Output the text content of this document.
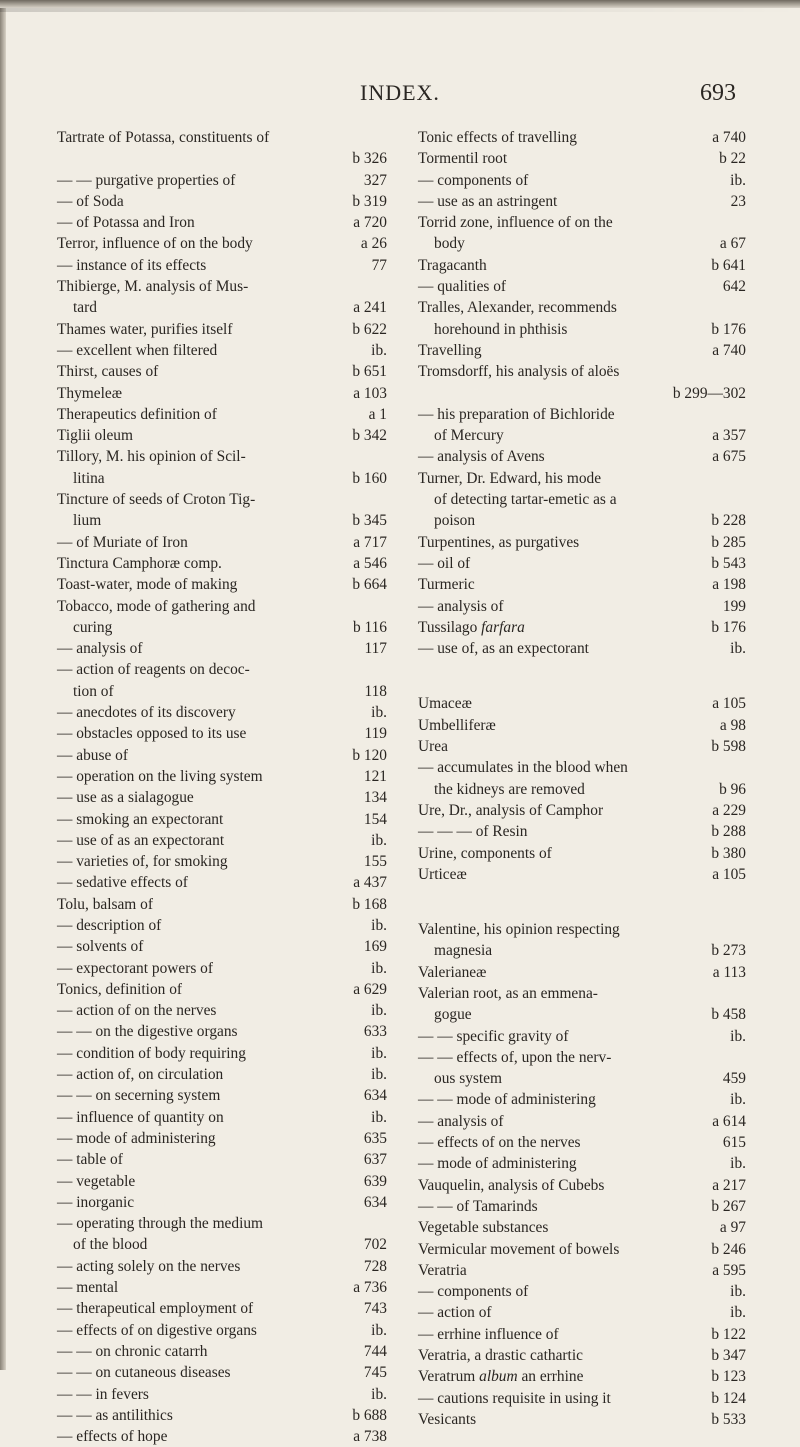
INDEX.	693
Tartrate of Potassa, constituents of
b 326
— — purgative properties of	327
— of Soda	b 319
— of Potassa and Iron	a 720
Terror, influence of on the body	a 26
— instance of its effects	77
Thibierge, M. analysis of Mus-
tard	a 241
Thames water, purifies itself	b 622
— excellent when filtered	ib.
Thirst, causes of	b 651
Thymeleæ	a 103
Therapeutics definition of	a 1
Tiglii oleum	b 342
Tillory, M. his opinion of Scil-
litina	b 160
Tincture of seeds of Croton Tig-
lium	b 345
— of Muriate of Iron	a 717
Tinctura Camphoræ comp.	a 546
Toast-water, mode of making	b 664
Tobacco, mode of gathering and
curing	b 116
— analysis of	117
— action of reagents on decoc-
tion of	118
— anecdotes of its discovery	ib.
— obstacles opposed to its use	119
— abuse of	b 120
— operation on the living system	121
— use as a sialagogue	134
— smoking an expectorant	154
— use of as an expectorant	ib.
— varieties of, for smoking	155
— sedative effects of	a 437
Tolu, balsam of	b 168
— description of	ib.
— solvents of	169
— expectorant powers of	ib.
Tonics, definition of	a 629
— action of on the nerves	ib.
— — on the digestive organs	633
— condition of body requiring	ib.
— action of, on circulation	ib.
— — on secerning system	634
— influence of quantity on	ib.
— mode of administering	635
— table of	637
— vegetable	639
— inorganic	634
— operating through the medium
of the blood	702
— acting solely on the nerves	728
— mental	a 736
— therapeutical employment of	743
— effects of on digestive organs	ib.
— — on chronic catarrh	744
— — on cutaneous diseases	745
— — in fevers	ib.
— — as antilithics	b 688
— effects of hope	a 738
Tonic effects of travelling	a 740
Tormentil root	b 22
— components of	ib.
— use as an astringent	23
Torrid zone, influence of on the
body	a 67
Tragacanth	b 641
— qualities of	642
Tralles, Alexander, recommends
horehound in phthisis	b 176
Travelling	a 740
Tromsdorff, his analysis of aloës
b 299—302
— his preparation of Bichloride
of Mercury	a 357
— analysis of Avens	a 675
Turner, Dr. Edward, his mode
of detecting tartar-emetic as a
poison	b 228
Turpentines, as purgatives	b 285
— oil of	b 543
Turmeric	a 198
— analysis of	199
Tussilago farfara	b 176
— use of, as an expectorant	ib.
Umaceæ	a 105
Umbelliferæ	a 98
Urea	b 598
— accumulates in the blood when
the kidneys are removed	b 96
Ure, Dr., analysis of Camphor	a 229
— — — of Resin	b 288
Urine, components of	b 380
Urticeæ	a 105
Valentine, his opinion respecting
magnesia	b 273
Valerianeæ	a 113
Valerian root, as an emmena-
gogue	b 458
— — specific gravity of	ib.
— — effects of, upon the nerv-
ous system	459
— — mode of administering	ib.
— analysis of	a 614
— effects of on the nerves	615
— mode of administering	ib.
Vauquelin, analysis of Cubebs	a 217
— — of Tamarinds	b 267
Vegetable substances	a 97
Vermicular movement of bowels	b 246
Veratria	a 595
— components of	ib.
— action of	ib.
— errhine influence of	b 122
Veratria, a drastic cathartic	b 347
Veratrum album an errhine	b 123
— cautions requisite in using it	b 124
Vesicants	b 533
